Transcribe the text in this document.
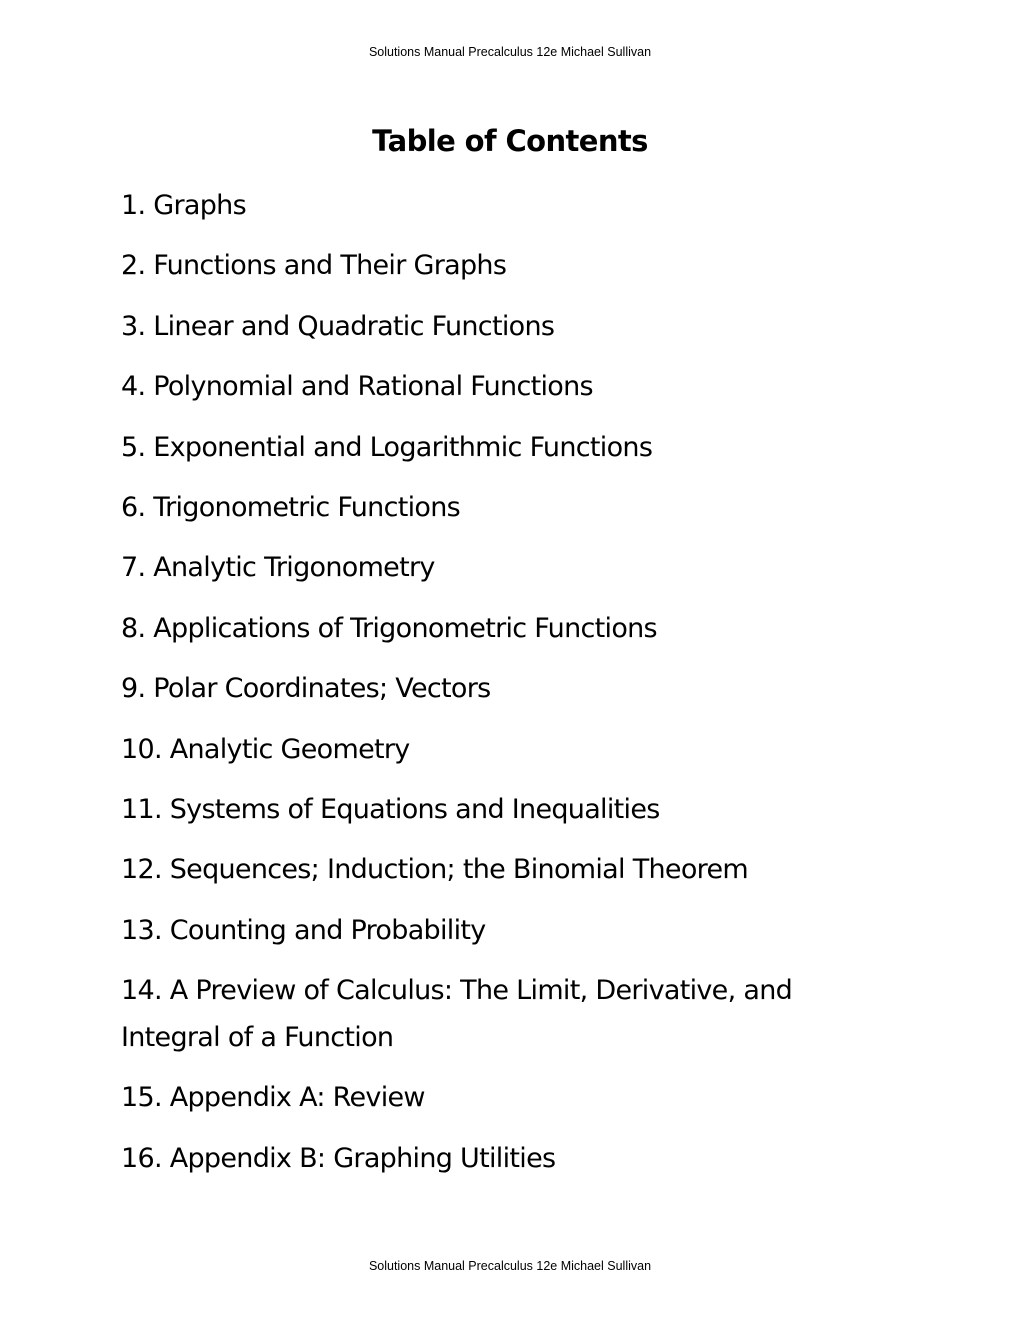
Solutions Manual Precalculus 12e Michael Sullivan
Table of Contents
1. Graphs
2. Functions and Their Graphs
3. Linear and Quadratic Functions
4. Polynomial and Rational Functions
5. Exponential and Logarithmic Functions
6. Trigonometric Functions
7. Analytic Trigonometry
8. Applications of Trigonometric Functions
9. Polar Coordinates; Vectors
10. Analytic Geometry
11. Systems of Equations and Inequalities
12. Sequences; Induction; the Binomial Theorem
13. Counting and Probability
14. A Preview of Calculus: The Limit, Derivative, and Integral of a Function
15. Appendix A: Review
16. Appendix B: Graphing Utilities
Solutions Manual Precalculus 12e Michael Sullivan
